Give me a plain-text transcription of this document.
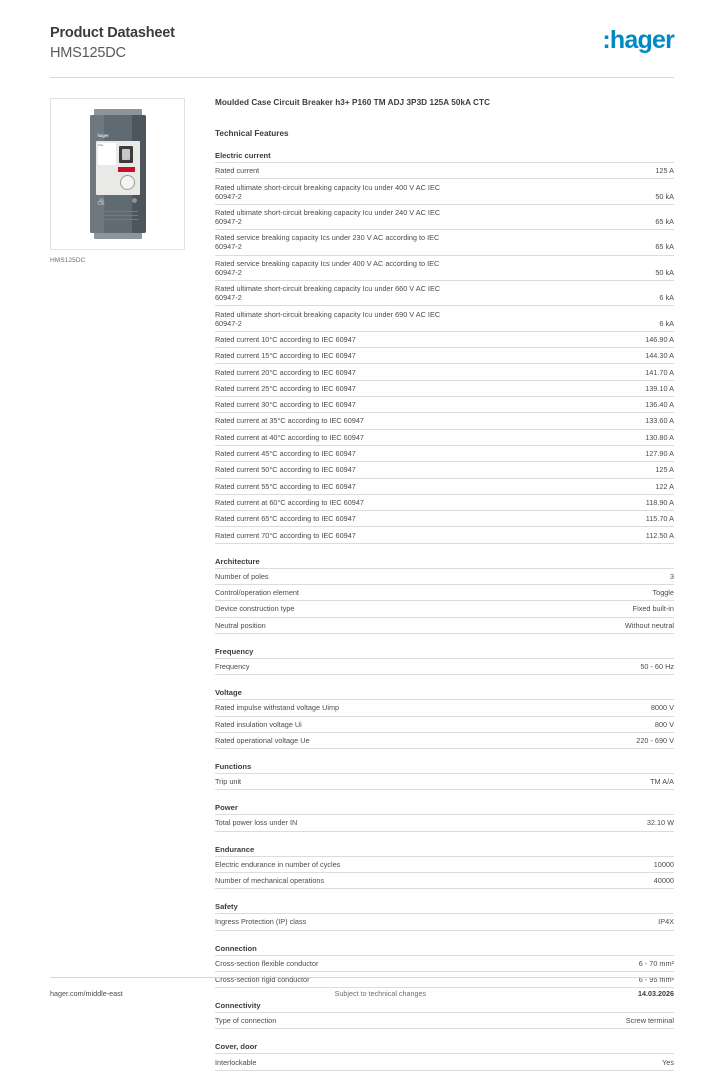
Product Datasheet
HMS125DC	:hager
hager
h3+
CE
HMS125DC
Moulded Case Circuit Breaker h3+ P160 TM ADJ 3P3D 125A 50kA CTC
Technical Features
Electric current
Rated current	125 A
Rated ultimate short-circuit breaking capacity Icu under 400 V AC IEC 60947-2	50 kA
Rated ultimate short-circuit breaking capacity Icu under 240 V AC IEC 60947-2	65 kA
Rated service breaking capacity Ics under 230 V AC according to IEC 60947-2	65 kA
Rated service breaking capacity Ics under 400 V AC according to IEC 60947-2	50 kA
Rated ultimate short-circuit breaking capacity Icu under 660 V AC IEC 60947-2	6 kA
Rated ultimate short-circuit breaking capacity Icu under 690 V AC IEC 60947-2	6 kA
Rated current 10°C according to IEC 60947	146.90 A
Rated current 15°C according to IEC 60947	144.30 A
Rated current 20°C according to IEC 60947	141.70 A
Rated current 25°C according to IEC 60947	139.10 A
Rated current 30°C according to IEC 60947	136.40 A
Rated current at 35°C according to IEC 60947	133.60 A
Rated current at 40°C according to IEC 60947	130.80 A
Rated current 45°C according to IEC 60947	127.90 A
Rated current 50°C according to IEC 60947	125 A
Rated current 55°C according to IEC 60947	122 A
Rated current at 60°C according to IEC 60947	118.90 A
Rated current 65°C according to IEC 60947	115.70 A
Rated current 70°C according to IEC 60947	112.50 A
Architecture
Number of poles	3
Control/operation element	Toggle
Device construction type	Fixed built-in
Neutral position	Without neutral
Frequency
Frequency	50 - 60 Hz
Voltage
Rated impulse withstand voltage Uimp	8000 V
Rated insulation voltage Ui	800 V
Rated operational voltage Ue	220 - 690 V
Functions
Trip unit	TM A/A
Power
Total power loss under IN	32.10 W
Endurance
Electric endurance in number of cycles	10000
Number of mechanical operations	40000
Safety
Ingress Protection (IP) class	IP4X
Connection
Cross-section flexible conductor	6 - 70 mm²
Cross-section rigid conductor	6 - 95 mm²
Connectivity
Type of connection	Screw terminal
Cover, door
Interlockable	Yes
hager.com/middle-east	Subject to technical changes	14.03.2026
